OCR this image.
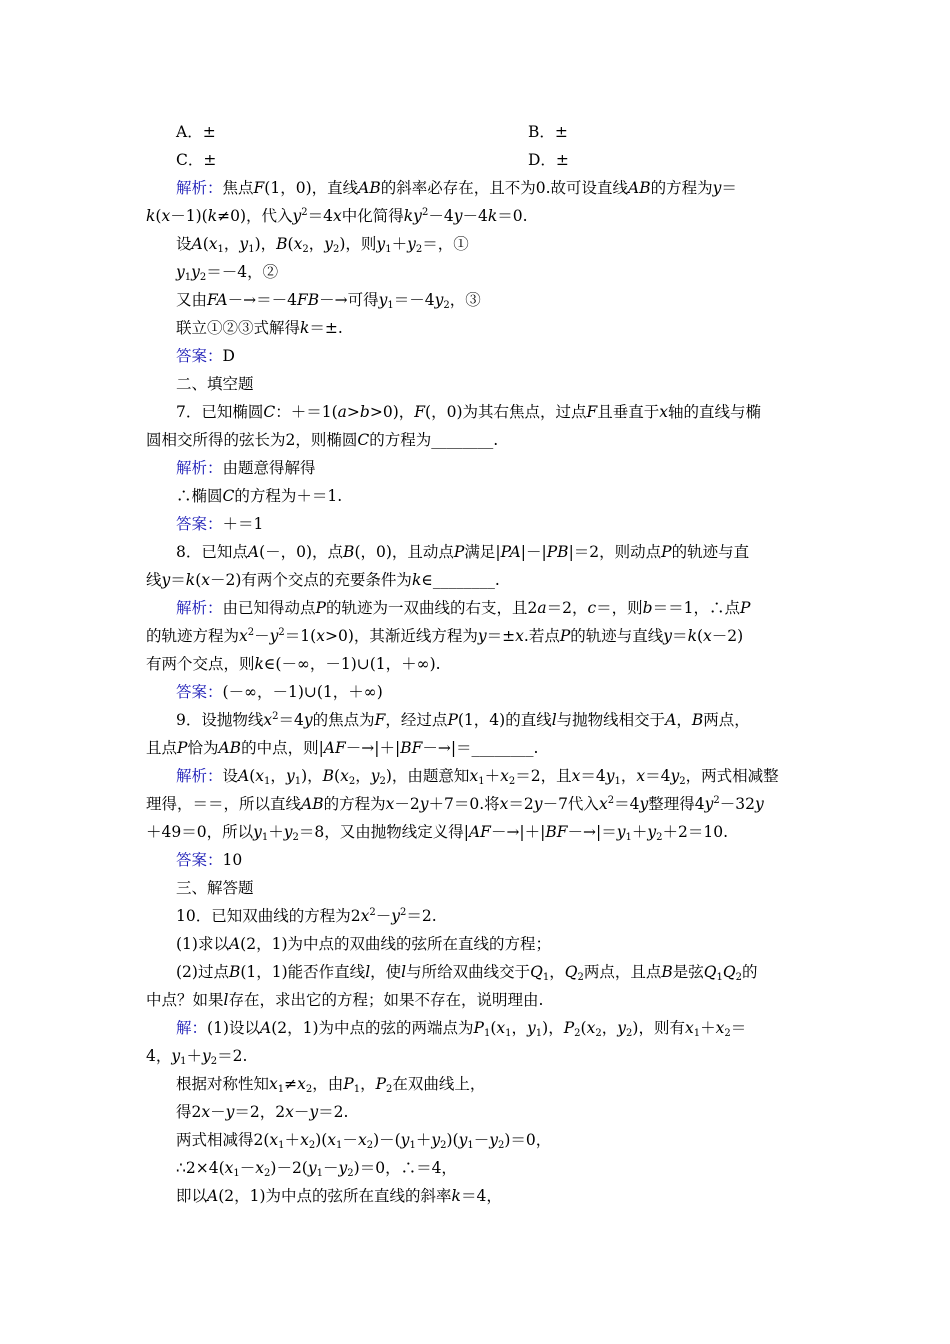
A．±	B．±
C．±	D．±
解析：焦点F(1，0)，直线AB的斜率必存在，且不为0.故可设直线AB的方程为y＝
k(x－1)(k≠0)，代入$y^2=4x$中化简得$ky^2-4y-4k=0$.
设$A(x_1$，$y_1$)，$B(x_2$，$y_2$)，则$y_1+y_2=$，①
$y_1y_2=-4$，②
又由FA－→＝－4FB－→可得$y_1=-4y_2$，③
联立①②③式解得k＝±.
答案：D
二、填空题
7．已知椭圆C：＋＝1(a>b>0)，F(，0)为其右焦点，过点F且垂直于x轴的直线与椭
圆相交所得的弦长为2，则椭圆C的方程为________.
解析：由题意得解得
∴椭圆C的方程为＋＝1.
答案：＋＝1
8．已知点A(－，0)，点B(，0)，且动点P满足|PA|－|PB|＝2，则动点P的轨迹与直
线y＝k(x－2)有两个交点的充要条件为k∈________.
解析：由已知得动点P的轨迹为一双曲线的右支，且2a＝2，c＝，则b＝＝1，∴点P
的轨迹方程为$x^2-y^2=1(x>0)$，其渐近线方程为y＝±x.若点P的轨迹与直线y＝k(x－2)
有两个交点，则k∈(－∞，－1)∪(1，＋∞).
答案：(－∞，－1)∪(1，＋∞)
9．设抛物线$x^2=4y$的焦点为F，经过点P(1，4)的直线l与抛物线相交于A，B两点，
且点P恰为AB的中点，则|AF－→|＋|BF－→|＝________.
解析：设$A(x_1$，$y_1$)，$B(x_2$，$y_2$)，由题意知$x_1+x_2=2$，且$x=4y_1$，$x=4y_2$，两式相减整
理得，＝＝，所以直线AB的方程为x－2y＋7＝0.将x＝2y－7代入$x^2=4y$整理得$4y^2-32y$
＋49＝0，所以$y_1+y_2=8$，又由抛物线定义得$|AF-\to|+|BF-\to|=y_1+y_2+2=10$.
答案：10
三、解答题
10．已知双曲线的方程为$2x^2-y^2=2$.
(1)求以A(2，1)为中点的双曲线的弦所在直线的方程；
(2)过点B(1，1)能否作直线l，使l与所给双曲线交于$Q_1$，$Q_2$两点，且点B是弦$Q_1Q_2$的
中点？如果l存在，求出它的方程；如果不存在，说明理由.
解：(1)设以A(2，1)为中点的弦的两端点为$P_1(x_1$，$y_1$)，$P_2(x_2$，$y_2$)，则有$x_1+x_2=$
4，$y_1+y_2=2$.
根据对称性知$x_1\ne x_2$，由$P_1$，$P_2$在双曲线上，
得2x－y＝2，2x－y＝2.
两式相减得$2(x_1+x_2)(x_1-x_2)-(y_1+y_2)(y_1-y_2)=0$，
$\therefore 2\times 4(x_1-x_2)-2(y_1-y_2)=0$，∴＝4，
即以A(2，1)为中点的弦所在直线的斜率k＝4，
